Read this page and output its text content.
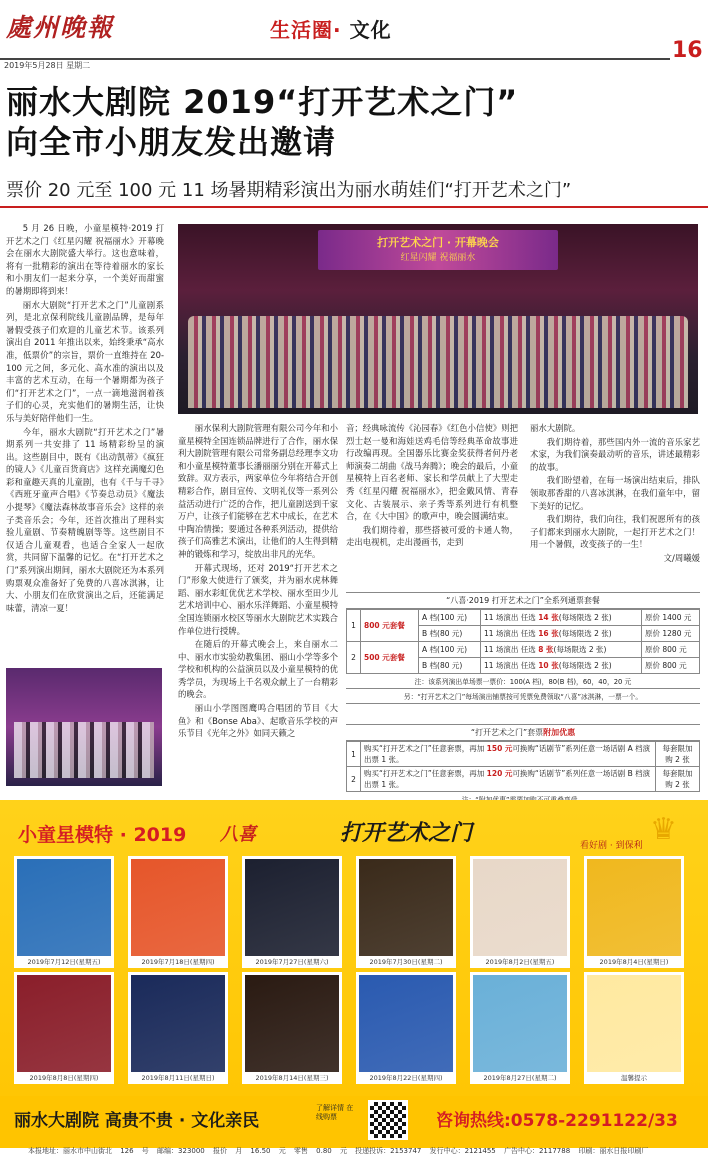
處州晚報	生活圈· 文化
16
2019年5月28日 星期二
丽水大剧院 2019“打开艺术之门”
向全市小朋友发出邀请
票价 20 元至 100 元 11 场暑期精彩演出为丽水萌娃们“打开艺术之门”

5 月 26 日晚，小童星模特·2019 打开艺术之门《红星闪耀 祝福丽水》开幕晚会在丽水大剧院盛大举行。这也意味着，将有一批精彩的演出在等待着丽水的家长和小朋友们一起来分享，一个美好而甜蜜的暑期即将到来！

丽水大剧院“打开艺术之门”儿童剧系列，是北京保利院线儿童剧品牌，是每年暑假受孩子们欢迎的儿童艺术节。该系列演出自 2011 年推出以来，始终秉承“高水准，低票价”的宗旨，票价一直维持在 20-100 元之间，多元化、高水准的演出以及丰富的艺术互动，在每一个暑期都为孩子们“打开艺术之门”，一点一滴地滋润着孩子们的心灵，充实他们的暑期生活，让快乐与美好陪伴他们一生。

今年，丽水大剧院“打开艺术之门”暑期系列一共安排了 11 场精彩纷呈的演出。这些剧目中，既有《出动凯蒂》《疯狂的镜人》《儿童百货商店》这样充满魔幻色彩和童趣天真的儿童剧，也有《千与千寻》《西班牙童声合唱》《节奏总动员》《魔法小提琴》《魔法森林故事音乐会》这样的亲子类音乐会；今年，还首次推出了理科实验儿童剧、节奏精魄剧等等。这些剧目不仅适合儿童观看，也适合全家人一起欣赏，共同留下温馨的记忆。在“打开艺术之门”系列演出期间，丽水大剧院还为本系列购票观众准备好了免费的八喜冰淇淋，让大、小朋友们在欣赏演出之后，还能满足味蕾，清凉一夏！

打开艺术之门 · 开幕晚会
红星闪耀 祝福丽水

丽水保利大剧院管理有限公司今年和小童星模特全国连锁品牌进行了合作，丽水保利大剧院管理有限公司常务副总经理李文功和小童星模特董事长潘丽丽分别在开幕式上致辞。双方表示，两家单位今年将结合开创精彩合作，剧目宣传、文明礼仪等一系列公益活动进行广泛的合作，把儿童剧送到千家万户，让孩子们能够在艺术中成长，在艺术中陶冶情操；要通过各种系列活动，提供给孩子们高雅艺术演出，让他们的人生得到精神的锻炼和学习，绽放出非凡的光华。

开幕式现场，还对 2019“打开艺术之门”形象大使进行了颁奖，并为丽水虎林舞蹈、丽水彩虹优优艺术学校、丽水至田少儿艺术培训中心、丽水乐洋舞蹈、小童星模特全国连锁丽水校区等丽水大剧院艺术实践合作单位进行授牌。

在随后的开幕式晚会上，来自丽水二中、丽水市实验幼教集团、丽山小学等多个学校和机构的公益演员以及小童星模特的优秀学员，为现场上千名观众献上了一台精彩的晚会。

丽山小学图图鹰鸣合唱团的节目《大鱼》和《Bonse Aba》、起歌音乐学校的声乐节目《光年之外》如同天籁之

音；经典咏流传《沁园春》《红色小信使》则把烈士赵一曼和海娃送鸡毛信等经典革命故事进行改编再现。全国器乐比赛金奖获得者何丹老师演奏二胡曲《战马奔腾》；晚会的最后，小童星模特上百名老师、家长和学员献上了大型走秀《红星闪耀 祝福丽水》，把金戴风情、青春文化、古装展示、亲子秀等系列进行有机整合，在《大中国》的歌声中，晚会圆满结束。

我们期待着，那些搭被可爱的卡通人物，走出电视机，走出漫画书，走到

丽水大剧院。

我们期待着，那些国内外一流的音乐家艺术家，为我们演奏最动听的音乐，讲述最精彩的故事。

我们盼望着，在每一场演出结束后，排队领取那香甜的八喜冰淇淋，在我们童年中，留下美好的记忆。

我们期待，我们向往，我们祝愿所有的孩子们都来到丽水大剧院，一起打开艺术之门！用一个暑假，改变孩子的一生！

文/周曦媛

“八喜·2019 打开艺术之门”全系列通票套餐
1	800 元套餐	A 档(100 元)	11 场演出 任选 14 张(每场限选 2 张)	原价 1400 元
		B 档(80 元)	11 场演出 任选 16 张(每场限选 2 张)	原价 1280 元
2	500 元套餐	A 档(100 元)	11 场演出 任选 8 张(每场限选 2 张)	原价 800 元
		B 档(80 元)	11 场演出 任选 10 张(每场限选 2 张)	原价 800 元
注：该系列演出单场票一票价：100(A 档)，80(B 档)，60，40，20 元
另：“打开艺术之门”每场演出铺票按可凭票免费领取“八喜”冰淇淋，一票一个。
“打开艺术之门”套票附加优惠
1	购买“打开艺术之门”任意套票，再加 150 元可换购“话剧节”系列任意一场话剧 A 档演出票 1 张。	每套限加购 2 张
2	购买“打开艺术之门”任意套票，再加 120 元可换购“话剧节”系列任意一场话剧 B 档演出票 1 张。	每套限加购 2 张
小童星模特 · 2019 八喜	打开艺术之门	看好剧 · 到保利 ♛
2019年7月12日(星期五)	2019年7月18日(星期四)	2019年7月27日(星期六)	2019年7月30日(星期二)	2019年8月2日(星期五)	2019年8月4日(星期日)
2019年8月8日(星期四)	2019年8月11日(星期日)	2019年8月14日(星期三)	2019年8月22日(星期四)	2019年8月27日(星期二)	温馨提示
丽水大剧院 高贵不贵 · 文化亲民
了解详情 在线购票	咨询热线:0578-2291122/33
本报地址：丽水市中山街北 126 号 邮编：323000 报价 月 16.50 元 零售 0.80 元 投递投诉：2153747 发行中心：2121455 广告中心：2117788 印刷：丽水日报印刷厂
